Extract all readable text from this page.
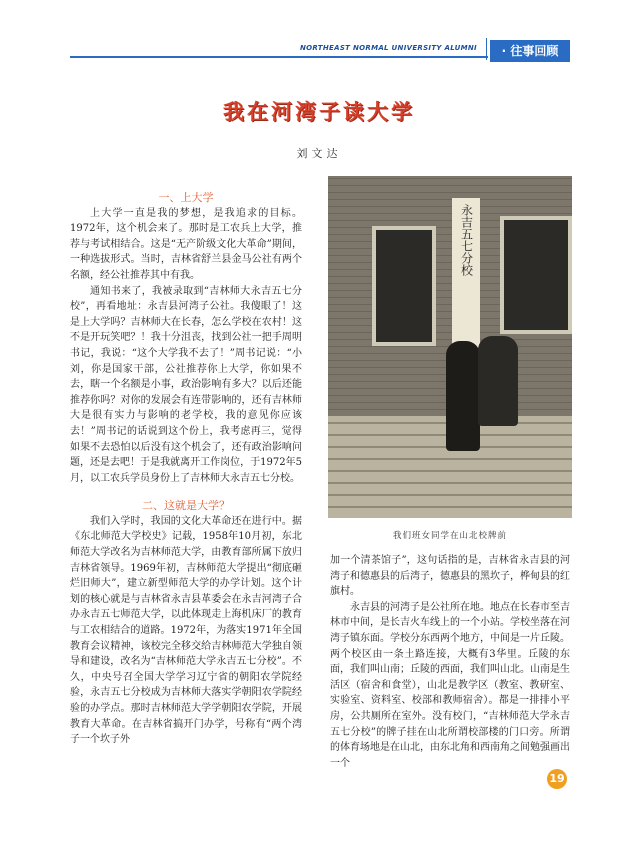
NORTHEAST NORMAL UNIVERSITY ALUMNI	· 往事回顾
我在河湾子读大学
刘文达

一、上大学

上大学一直是我的梦想，是我追求的目标。1972年，这个机会来了。那时是工农兵上大学，推荐与考试相结合。这是“无产阶级文化大革命”期间，一种选拔形式。当时，吉林省舒兰县金马公社有两个名额，经公社推荐其中有我。

通知书来了，我被录取到“吉林师大永吉五七分校”，再看地址：永吉县河湾子公社。我傻眼了！这是上大学吗？吉林师大在长春，怎么学校在农村！这不是开玩笑吧？！我十分沮丧，找到公社一把手周明书记，我说：“这个大学我不去了！”周书记说：“小刘，你是国家干部，公社推荐你上大学，你如果不去，瞎一个名额是小事，政治影响有多大？以后还能推荐你吗？对你的发展会有连带影响的，还有吉林师大是很有实力与影响的老学校，我的意见你应该去！”周书记的话说到这个份上，我考虑再三，觉得如果不去恐怕以后没有这个机会了，还有政治影响问题，还是去吧！于是我就离开工作岗位，于1972年5月，以工农兵学员身份上了吉林师大永吉五七分校。

二、这就是大学？

我们入学时，我国的文化大革命还在进行中。据《东北师范大学校史》记载，1958年10月初，东北师范大学改名为吉林师范大学，由教育部所属下放归吉林省领导。1969年初，吉林师范大学提出“彻底砸烂旧师大”，建立新型师范大学的办学计划。这个计划的核心就是与吉林省永吉县革委会在永吉河湾子合办永吉五七师范大学，以此体现走上海机床厂的教育与工农相结合的道路。1972年，为落实1971年全国教育会议精神，该校完全移交给吉林师范大学独自领导和建设，改名为“吉林师范大学永吉五七分校”。不久，中央号召全国大学学习辽宁省的朝阳农学院经验，永吉五七分校成为吉林师大落实学朝阳农学院经验的办学点。那时吉林师范大学学朝阳农学院，开展教育大革命。在吉林省搞开门办学，号称有“两个湾子一个坎子外

永吉五七分校
我们班女同学在山北校牌前

加一个清茶馆子”，这句话指的是，吉林省永吉县的河湾子和德惠县的后湾子，德惠县的黑坎子，桦甸县的红旗村。

永吉县的河湾子是公社所在地。地点在长春市至吉林市中间，是长吉火车线上的一个小站。学校坐落在河湾子镇东面。学校分东西两个地方，中间是一片丘陵。两个校区由一条土路连接，大概有3华里。丘陵的东面，我们叫山南；丘陵的西面，我们叫山北。山南是生活区（宿舍和食堂），山北是教学区（教室、教研室、实验室、资料室、校部和教师宿舍）。都是一排排小平房，公共厕所在室外。没有校门，“吉林师范大学永吉五七分校”的牌子挂在山北所谓校部楼的门口旁。所谓的体育场地是在山北，由东北角和西南角之间勉强画出一个

19
